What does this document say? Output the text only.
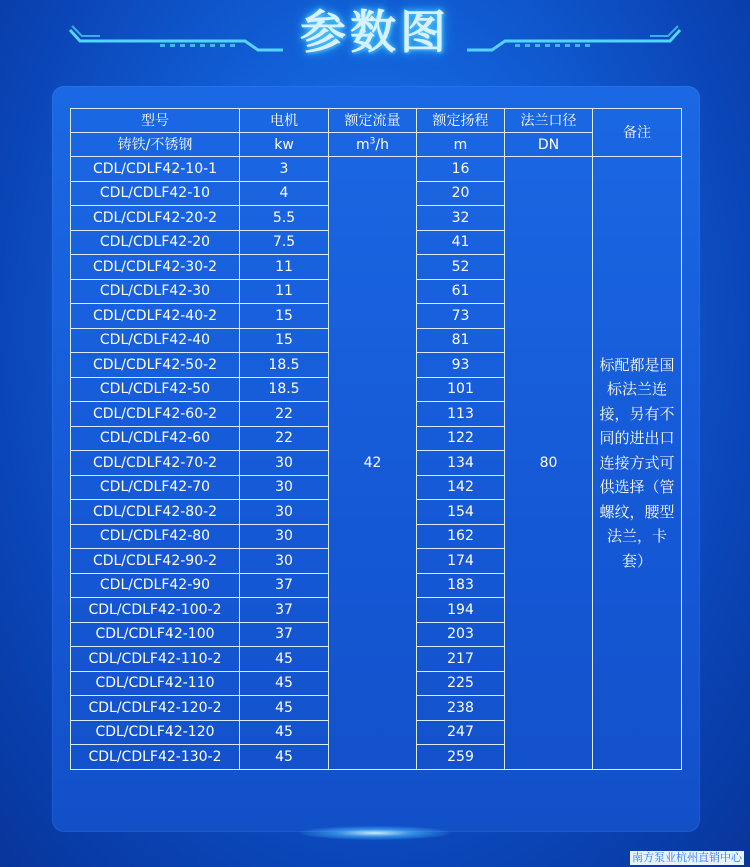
参数图
型号	电机	额定流量	额定扬程	法兰口径	备注
铸铁/不锈钢	kw	$m^3/h$	m	DN	
CDL/CDLF42-10-1	3	42	16	80	标配都是国标法兰连接，另有不同的进出口连接方式可供选择（管螺纹，腰型法兰，卡套）
CDL/CDLF42-10	4		20		
CDL/CDLF42-20-2	5.5		32		
CDL/CDLF42-20	7.5		41		
CDL/CDLF42-30-2	11		52		
CDL/CDLF42-30	11		61		
CDL/CDLF42-40-2	15		73		
CDL/CDLF42-40	15		81		
CDL/CDLF42-50-2	18.5		93		
CDL/CDLF42-50	18.5		101		
CDL/CDLF42-60-2	22		113		
CDL/CDLF42-60	22		122		
CDL/CDLF42-70-2	30		134		
CDL/CDLF42-70	30		142		
CDL/CDLF42-80-2	30		154		
CDL/CDLF42-80	30		162		
CDL/CDLF42-90-2	30		174		
CDL/CDLF42-90	37		183		
CDL/CDLF42-100-2	37		194		
CDL/CDLF42-100	37		203		
CDL/CDLF42-110-2	45		217		
CDL/CDLF42-110	45		225		
CDL/CDLF42-120-2	45		238		
CDL/CDLF42-120	45		247		
CDL/CDLF42-130-2	45		259		
南方泵业杭州直销中心
